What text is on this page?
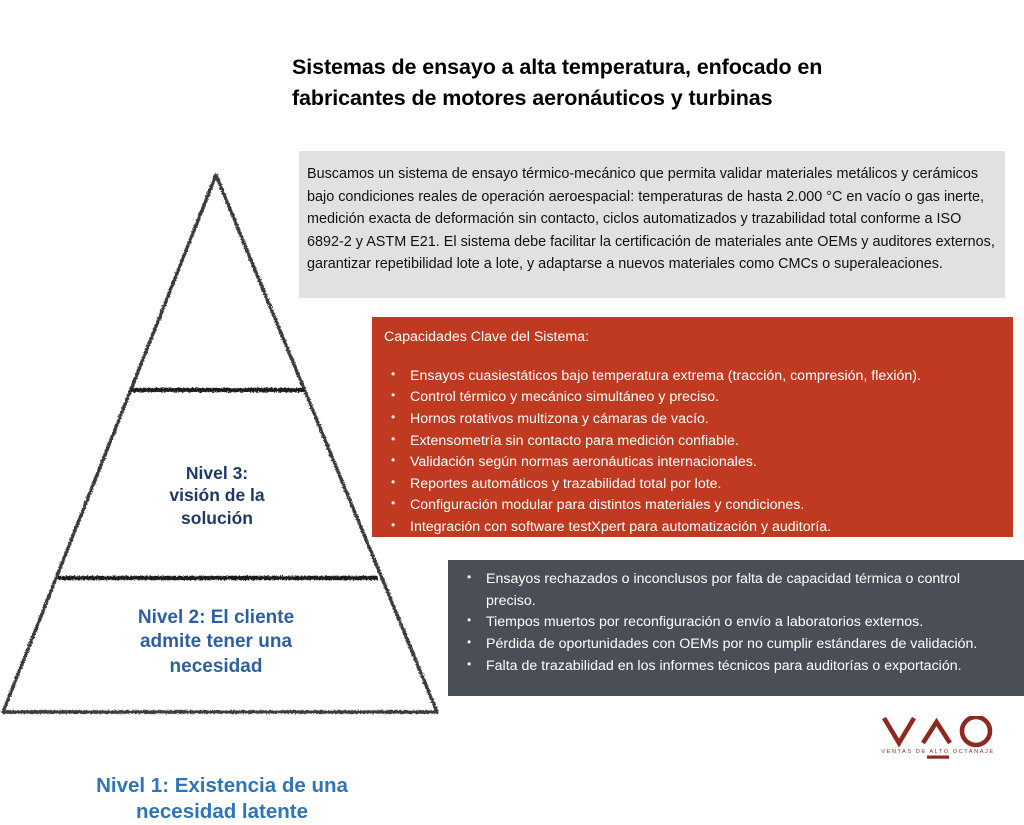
Sistemas de ensayo a alta temperatura, enfocado en fabricantes de motores aeronáuticos y turbinas
Nivel 3:
visión de la
solución
Nivel 2: El cliente
admite tener una
necesidad
Nivel 1: Existencia de una
necesidad latente
Buscamos un sistema de ensayo térmico-mecánico que permita validar materiales metálicos y cerámicos bajo condiciones reales de operación aeroespacial: temperaturas de hasta 2.000 °C en vacío o gas inerte, medición exacta de deformación sin contacto, ciclos automatizados y trazabilidad total conforme a ISO 6892-2 y ASTM E21. El sistema debe facilitar la certificación de materiales ante OEMs y auditores externos, garantizar repetibilidad lote a lote, y adaptarse a nuevos materiales como CMCs o superaleaciones.
Capacidades Clave del Sistema:
• Ensayos cuasiestáticos bajo temperatura extrema (tracción, compresión, flexión).
• Control térmico y mecánico simultáneo y preciso.
• Hornos rotativos multizona y cámaras de vacío.
• Extensometría sin contacto para medición confiable.
• Validación según normas aeronáuticas internacionales.
• Reportes automáticos y trazabilidad total por lote.
• Configuración modular para distintos materiales y condiciones.
• Integración con software testXpert para automatización y auditoría.
• Ensayos rechazados o inconclusos por falta de capacidad térmica o control preciso.
• Tiempos muertos por reconfiguración o envío a laboratorios externos.
• Pérdida de oportunidades con OEMs por no cumplir estándares de validación.
• Falta de trazabilidad en los informes técnicos para auditorías o exportación.
VENTAS DE ALTO OCTANAJE
